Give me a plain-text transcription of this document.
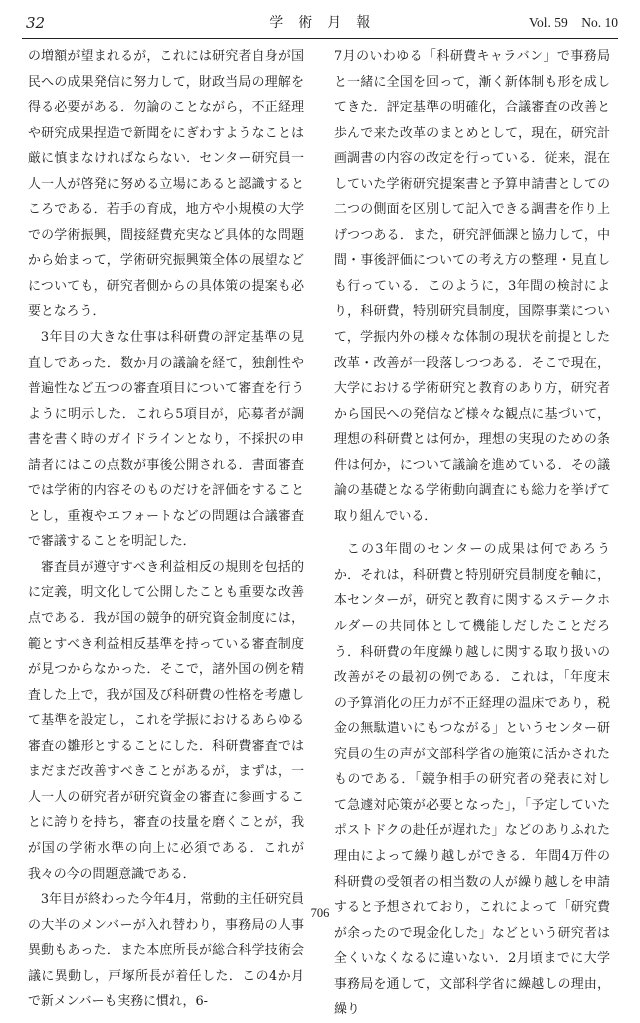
32	学　術　月　報	Vol. 59　No. 10

の増額が望まれるが，これには研究者自身が国民への成果発信に努力して，財政当局の理解を得る必要がある．勿論のことながら，不正経理や研究成果捏造で新聞をにぎわすようなことは厳に慎まなければならない．センター研究員一人一人が啓発に努める立場にあると認識するところである．若手の育成，地方や小規模の大学での学術振興，間接経費充実など具体的な問題から始まって，学術研究振興策全体の展望などについても，研究者側からの具体策の提案も必要となろう．

3年目の大きな仕事は科研費の評定基準の見直しであった．数か月の議論を経て，独創性や普遍性など五つの審査項目について審査を行うように明示した．これら5項目が，応募者が調書を書く時のガイドラインとなり，不採択の申請者にはこの点数が事後公開される．書面審査では学術的内容そのものだけを評価をすることとし，重複やエフォートなどの問題は合議審査で審議することを明記した．

審査員が遵守すべき利益相反の規則を包括的に定義，明文化して公開したことも重要な改善点である．我が国の競争的研究資金制度には，範とすべき利益相反基準を持っている審査制度が見つからなかった．そこで，諸外国の例を精査した上で，我が国及び科研費の性格を考慮して基準を設定し，これを学振におけるあらゆる審査の雛形とすることにした．科研費審査ではまだまだ改善すべきことがあるが，まずは，一人一人の研究者が研究資金の審査に参画することに誇りを持ち，審査の技量を磨くことが，我が国の学術水準の向上に必須である．これが我々の今の問題意識である．

3年目が終わった今年4月，常動的主任研究員の大半のメンバーが入れ替わり，事務局の人事異動もあった．また本庶所長が総合科学技術会議に異動し，戸塚所長が着任した．この4か月で新メンバーも実務に慣れ，6-

7月のいわゆる「科研費キャラバン」で事務局と一緒に全国を回って，漸く新体制も形を成してきた．評定基準の明確化，合議審査の改善と歩んで来た改革のまとめとして，現在，研究計画調書の内容の改定を行っている．従来，混在していた学術研究提案書と予算申請書としての二つの側面を区別して記入できる調書を作り上げつつある．また，研究評価課と協力して，中間・事後評価についての考え方の整理・見直しも行っている．このように，3年間の検討により，科研費，特別研究員制度，国際事業について，学振内外の様々な体制の現状を前提とした改革・改善が一段落しつつある．そこで現在，大学における学術研究と教育のあり方，研究者から国民への発信など様々な観点に基づいて，理想の科研費とは何か，理想の実現のための条件は何か，について議論を進めている．その議論の基礎となる学術動向調査にも総力を挙げて取り組んでいる．

この3年間のセンターの成果は何であろうか．それは，科研費と特別研究員制度を軸に，本センターが，研究と教育に関するステークホルダーの共同体として機能しだしたことだろう．科研費の年度繰り越しに関する取り扱いの改善がその最初の例である．これは，「年度末の予算消化の圧力が不正経理の温床であり，税金の無駄遣いにもつながる」というセンター研究員の生の声が文部科学省の施策に活かされたものである．「競争相手の研究者の発表に対して急遽対応策が必要となった」，「予定していたポストドクの赴任が遅れた」などのありふれた理由によって繰り越しができる．年間4万件の科研費の受領者の相当数の人が繰り越しを申請すると予想されており，これによって「研究費が余ったので現金化した」などという研究者は全くいなくなるに違いない．2月頃までに大学事務局を通して，文部科学省に繰越しの理由，繰り

706
